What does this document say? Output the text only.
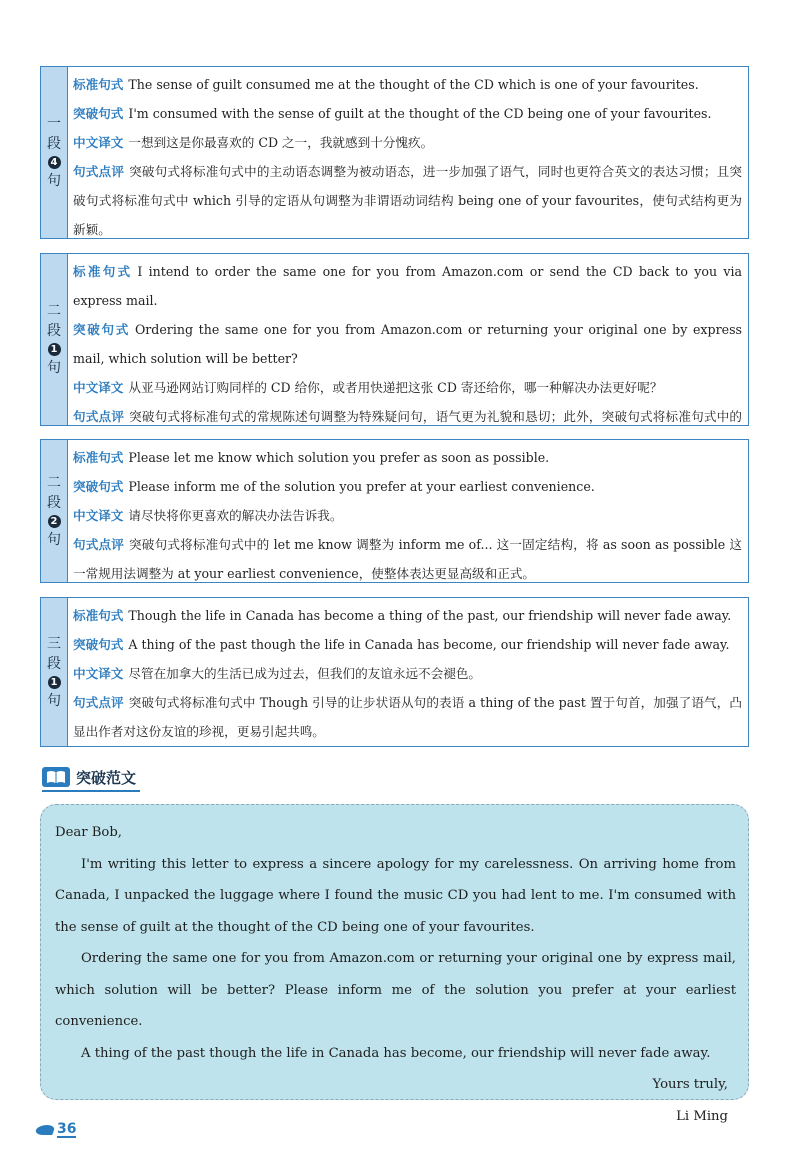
一
段
4
句
标准句式 The sense of guilt consumed me at the thought of the CD which is one of your favourites.
突破句式 I'm consumed with the sense of guilt at the thought of the CD being one of your favourites.
中文译文 一想到这是你最喜欢的 CD 之一，我就感到十分愧疚。
句式点评 突破句式将标准句式中的主动语态调整为被动语态，进一步加强了语气，同时也更符合英文的表达习惯；且突破句式将标准句式中 which 引导的定语从句调整为非谓语动词结构 being one of your favourites，使句式结构更为新颖。
二
段
1
句
标准句式 I intend to order the same one for you from Amazon.com or send the CD back to you via express mail.
突破句式 Ordering the same one for you from Amazon.com or returning your original one by express mail, which solution will be better?
中文译文 从亚马逊网站订购同样的 CD 给你，或者用快递把这张 CD 寄还给你，哪一种解决办法更好呢？
句式点评 突破句式将标准句式的常规陈述句调整为特殊疑问句，语气更为礼貌和恳切；此外，突破句式将标准句式中的
二
段
2
句
标准句式 Please let me know which solution you prefer as soon as possible.
突破句式 Please inform me of the solution you prefer at your earliest convenience.
中文译文 请尽快将你更喜欢的解决办法告诉我。
句式点评 突破句式将标准句式中的 let me know 调整为 inform me of... 这一固定结构，将 as soon as possible 这一常规用法调整为 at your earliest convenience，使整体表达更显高级和正式。
三
段
1
句
标准句式 Though the life in Canada has become a thing of the past, our friendship will never fade away.
突破句式 A thing of the past though the life in Canada has become, our friendship will never fade away.
中文译文 尽管在加拿大的生活已成为过去，但我们的友谊永远不会褪色。
句式点评 突破句式将标准句式中 Though 引导的让步状语从句的表语 a thing of the past 置于句首，加强了语气，凸显出作者对这份友谊的珍视，更易引起共鸣。
突破范文

Dear Bob,

I'm writing this letter to express a sincere apology for my carelessness. On arriving home from Canada, I unpacked the luggage where I found the music CD you had lent to me. I'm consumed with the sense of guilt at the thought of the CD being one of your favourites.

Ordering the same one for you from Amazon.com or returning your original one by express mail, which solution will be better? Please inform me of the solution you prefer at your earliest convenience.

A thing of the past though the life in Canada has become, our friendship will never fade away.

Yours truly,

Li Ming

36
